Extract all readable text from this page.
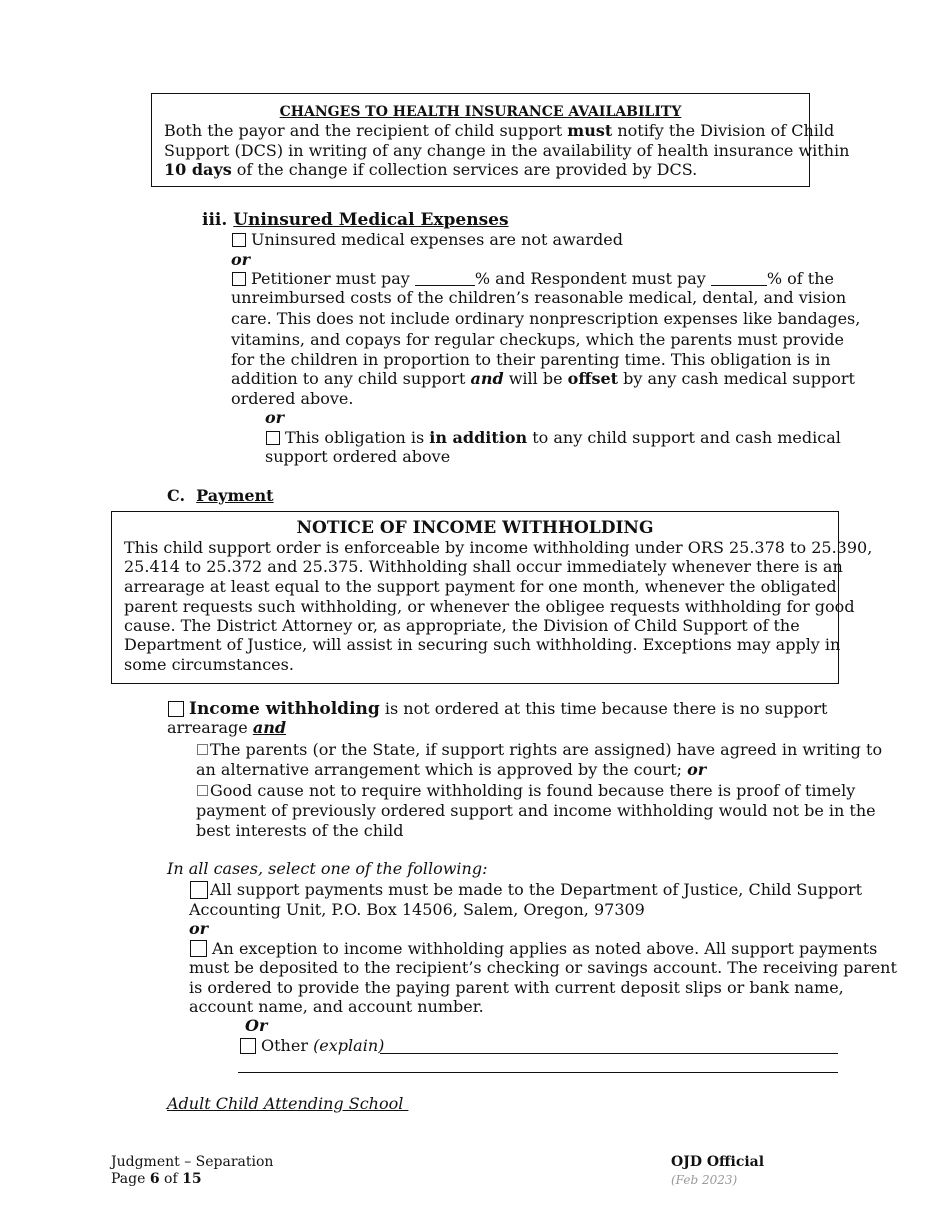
CHANGES TO HEALTH INSURANCE AVAILABILITY
Both the payor and the recipient of child support must notify the Division of Child
Support (DCS) in writing of any change in the availability of health insurance within
10 days of the change if collection services are provided by DCS.
iii. Uninsured Medical Expenses
Uninsured medical expenses are not awarded
or
Petitioner must pay	% and Respondent must pay	% of the
unreimbursed costs of the children’s reasonable medical, dental, and vision
care. This does not include ordinary nonprescription expenses like bandages,
vitamins, and copays for regular checkups, which the parents must provide
for the children in proportion to their parenting time. This obligation is in
addition to any child support and will be offset by any cash medical support
ordered above.
or
This obligation is in addition to any child support and cash medical
support ordered above
C. Payment
NOTICE OF INCOME WITHHOLDING
This child support order is enforceable by income withholding under ORS 25.378 to 25.390,
25.414 to 25.372 and 25.375. Withholding shall occur immediately whenever there is an
arrearage at least equal to the support payment for one month, whenever the obligated
parent requests such withholding, or whenever the obligee requests withholding for good
cause. The District Attorney or, as appropriate, the Division of Child Support of the
Department of Justice, will assist in securing such withholding. Exceptions may apply in
some circumstances.
Income withholding is not ordered at this time because there is no support
arrearage and
The parents (or the State, if support rights are assigned) have agreed in writing to
an alternative arrangement which is approved by the court; or
Good cause not to require withholding is found because there is proof of timely
payment of previously ordered support and income withholding would not be in the
best interests of the child
In all cases, select one of the following:
All support payments must be made to the Department of Justice, Child Support
Accounting Unit, P.O. Box 14506, Salem, Oregon, 97309
or
An exception to income withholding applies as noted above. All support payments
must be deposited to the recipient’s checking or savings account. The receiving parent
is ordered to provide the paying parent with current deposit slips or bank name,
account name, and account number.
Or
Other (explain)
Adult Child Attending School
Judgment – Separation
Page 6 of 15
OJD Official
(Feb 2023)
